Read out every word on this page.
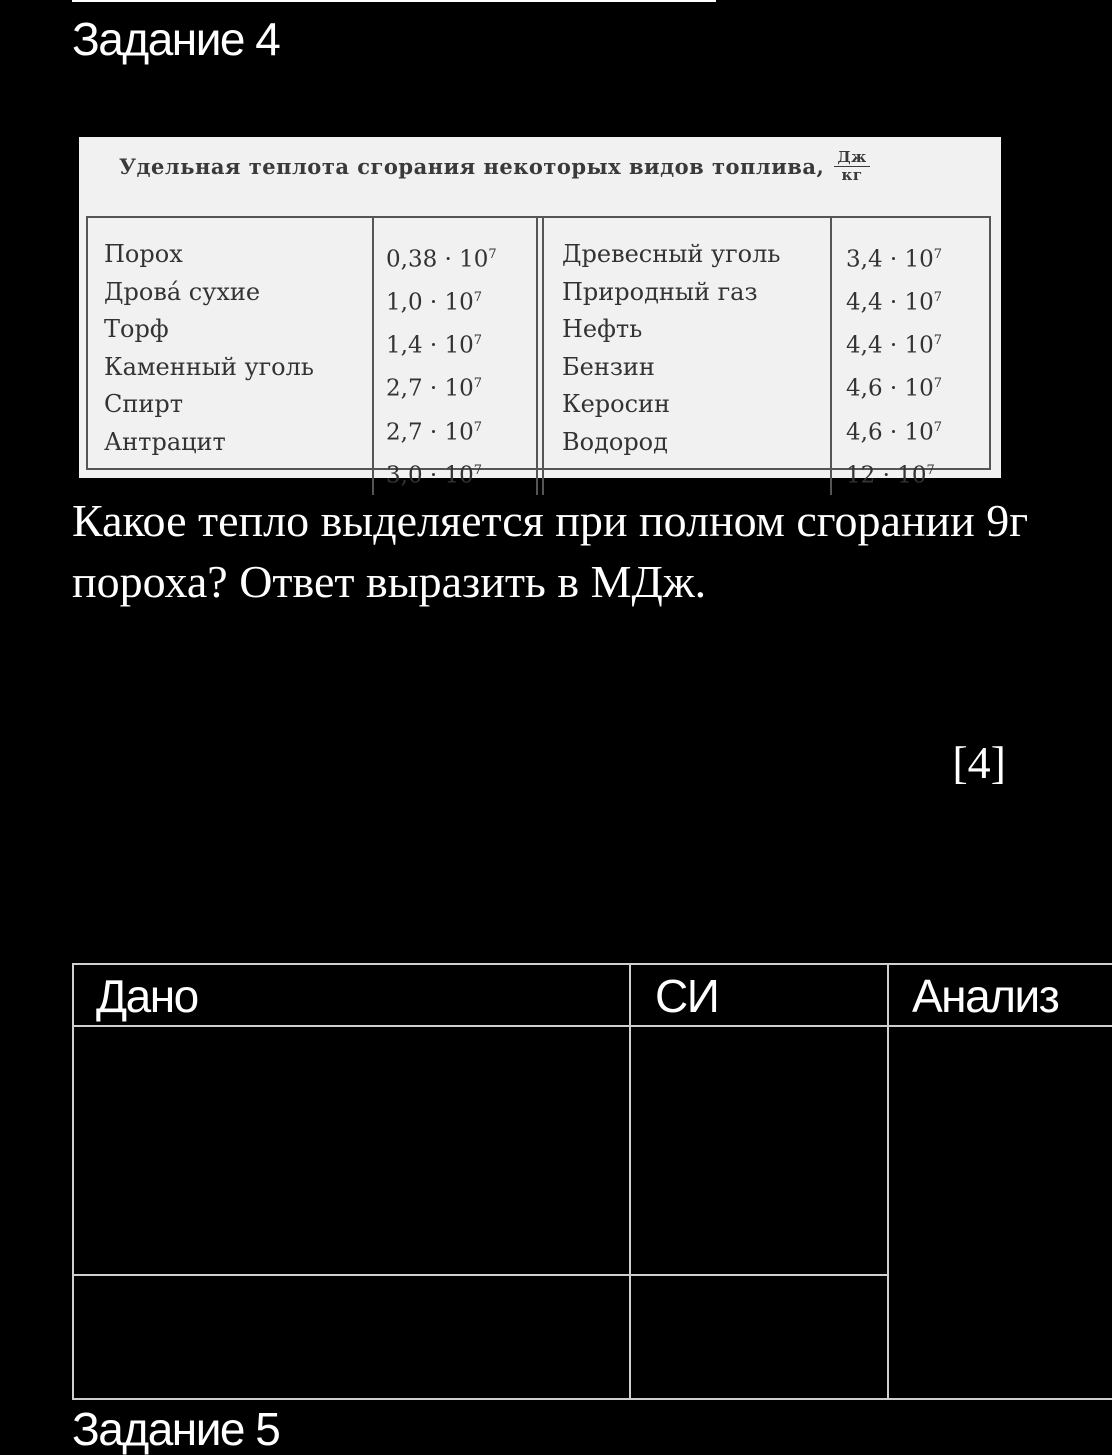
Задание 4
Удельная теплота сгорания некоторых видов топлива, $\frac{Дж}{кг}$
Порох
Дрова́ сухие
Торф
Каменный уголь
Спирт
Антрацит
$0,38 \cdot 10^7$
$1,0 \cdot 10^7$
$1,4 \cdot 10^7$
$2,7 \cdot 10^7$
$2,7 \cdot 10^7$
$3,0 \cdot 10^7$
Древесный уголь
Природный газ
Нефть
Бензин
Керосин
Водород
$3,4 \cdot 10^7$
$4,4 \cdot 10^7$
$4,4 \cdot 10^7$
$4,6 \cdot 10^7$
$4,6 \cdot 10^7$
$12 \cdot 10^7$

Какое тепло выделяется при полном сгорании 9г пороха? Ответ выразить в МДж.

[4]
Дано	СИ	Анализ
Задание 5
